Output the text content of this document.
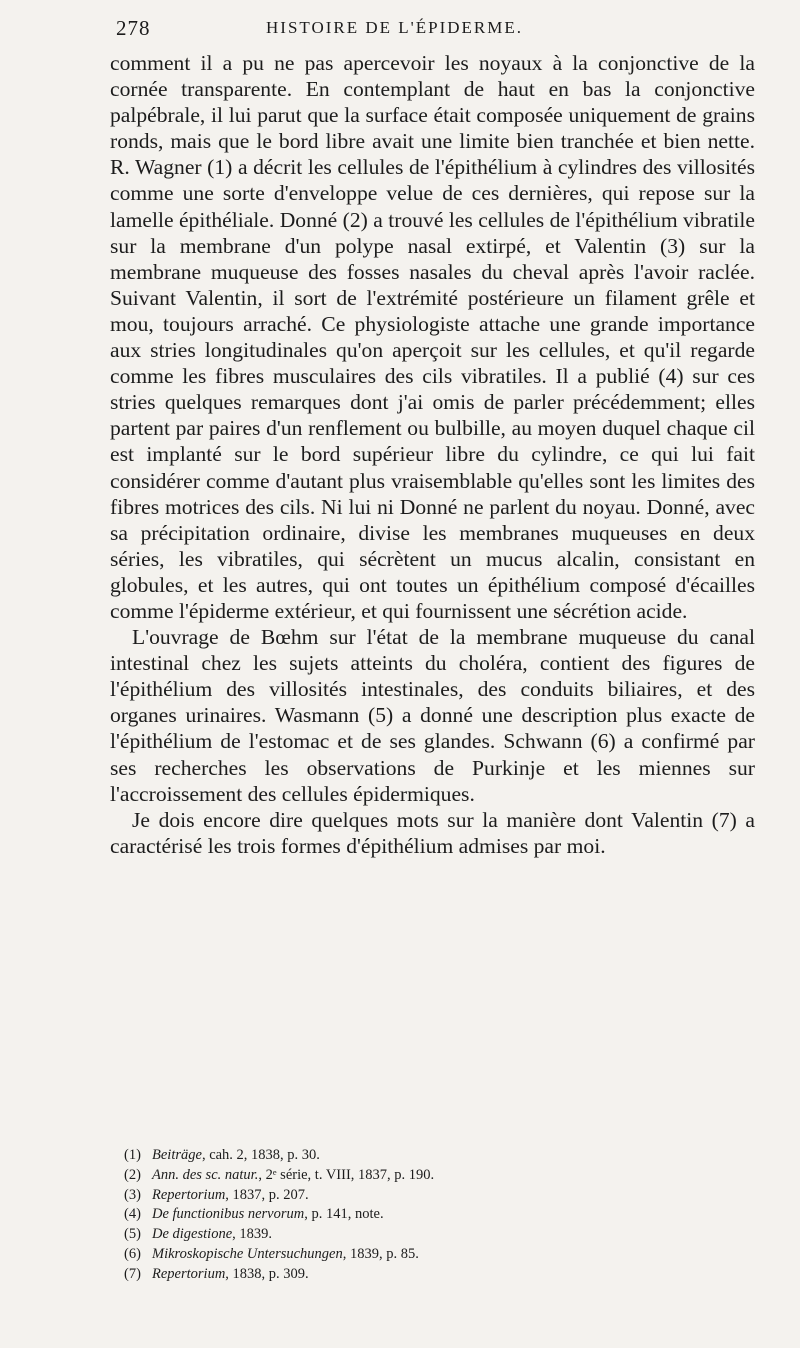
278	HISTOIRE DE L'ÉPIDERME.

comment il a pu ne pas apercevoir les noyaux à la conjonctive de la cornée transparente. En contemplant de haut en bas la conjonctive palpébrale, il lui parut que la surface était composée uniquement de grains ronds, mais que le bord libre avait une limite bien tranchée et bien nette. R. Wagner (1) a décrit les cellules de l'épithélium à cylindres des villosités comme une sorte d'enveloppe velue de ces dernières, qui repose sur la lamelle épithéliale. Donné (2) a trouvé les cellules de l'épithélium vibratile sur la membrane d'un polype nasal extirpé, et Valentin (3) sur la membrane muqueuse des fosses nasales du cheval après l'avoir raclée. Suivant Valentin, il sort de l'extrémité postérieure un filament grêle et mou, toujours arraché. Ce physiologiste attache une grande importance aux stries longitudinales qu'on aperçoit sur les cellules, et qu'il regarde comme les fibres musculaires des cils vibratiles. Il a publié (4) sur ces stries quelques remarques dont j'ai omis de parler précédemment; elles partent par paires d'un renflement ou bulbille, au moyen duquel chaque cil est implanté sur le bord supérieur libre du cylindre, ce qui lui fait considérer comme d'autant plus vraisemblable qu'elles sont les limites des fibres motrices des cils. Ni lui ni Donné ne parlent du noyau. Donné, avec sa précipitation ordinaire, divise les membranes muqueuses en deux séries, les vibratiles, qui sécrètent un mucus alcalin, consistant en globules, et les autres, qui ont toutes un épithélium composé d'écailles comme l'épiderme extérieur, et qui fournissent une sécrétion acide.

L'ouvrage de Bœhm sur l'état de la membrane muqueuse du canal intestinal chez les sujets atteints du choléra, contient des figures de l'épithélium des villosités intestinales, des conduits biliaires, et des organes urinaires. Wasmann (5) a donné une description plus exacte de l'épithélium de l'estomac et de ses glandes. Schwann (6) a confirmé par ses recherches les observations de Purkinje et les miennes sur l'accroissement des cellules épidermiques.

Je dois encore dire quelques mots sur la manière dont Valentin (7) a caractérisé les trois formes d'épithélium admises par moi.

(1) Beiträge, cah. 2, 1838, p. 30.
(2) Ann. des sc. natur., 2ᵉ série, t. VIII, 1837, p. 190.
(3) Repertorium, 1837, p. 207.
(4) De functionibus nervorum, p. 141, note.
(5) De digestione, 1839.
(6) Mikroskopische Untersuchungen, 1839, p. 85.
(7) Repertorium, 1838, p. 309.
